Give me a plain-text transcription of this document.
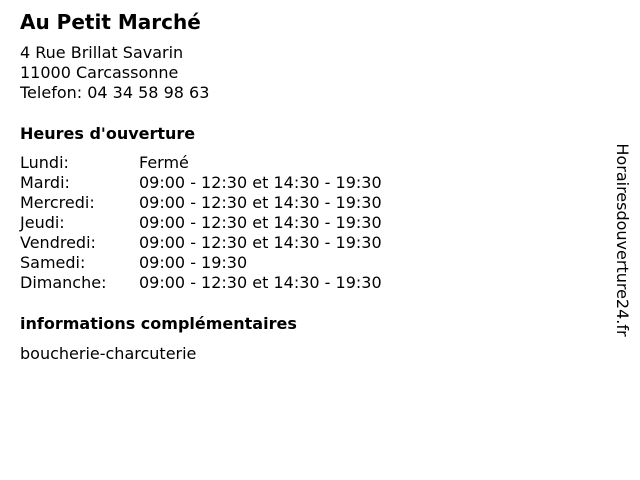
Au Petit Marché
4 Rue Brillat Savarin
11000 Carcassonne
Telefon: 04 34 58 98 63
Heures d'ouverture
Lundi:	Fermé
Mardi:	09:00 - 12:30 et 14:30 - 19:30
Mercredi:	09:00 - 12:30 et 14:30 - 19:30
Jeudi:	09:00 - 12:30 et 14:30 - 19:30
Vendredi:	09:00 - 12:30 et 14:30 - 19:30
Samedi:	09:00 - 19:30
Dimanche:	09:00 - 12:30 et 14:30 - 19:30
informations complémentaires
boucherie-charcuterie
Horairesdouverture24.fr
